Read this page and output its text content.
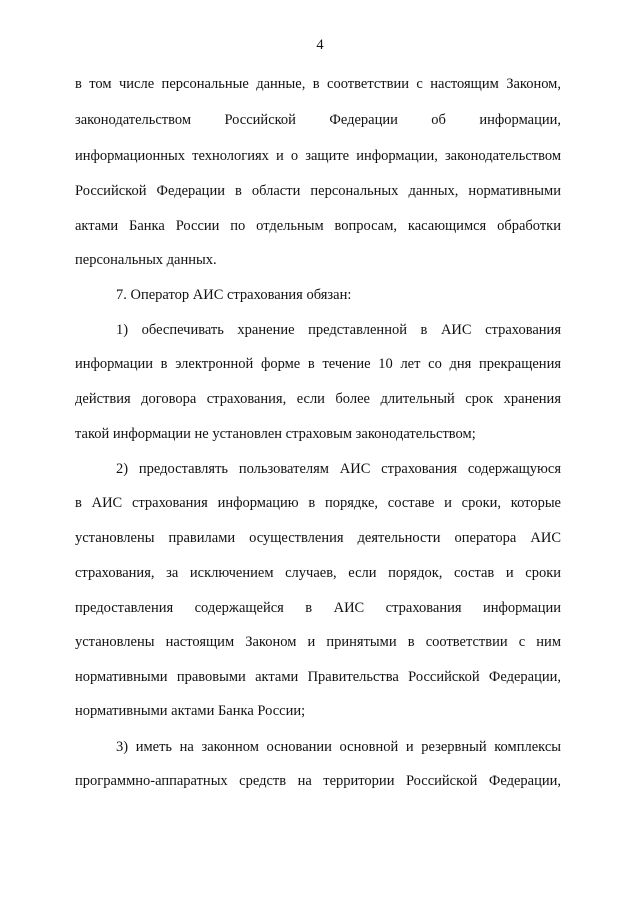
4
в том числе персональные данные, в соответствии с настоящим Законом,
законодательством Российской Федерации об информации,
информационных технологиях и о защите информации, законодательством
Российской Федерации в области персональных данных, нормативными
актами Банка России по отдельным вопросам, касающимся обработки
персональных данных.
7. Оператор АИС страхования обязан:
1) обеспечивать хранение представленной в АИС страхования
информации в электронной форме в течение 10 лет со дня прекращения
действия договора страхования, если более длительный срок хранения
такой информации не установлен страховым законодательством;
2) предоставлять пользователям АИС страхования содержащуюся
в АИС страхования информацию в порядке, составе и сроки, которые
установлены правилами осуществления деятельности оператора АИС
страхования, за исключением случаев, если порядок, состав и сроки
предоставления содержащейся в АИС страхования информации
установлены настоящим Законом и принятыми в соответствии с ним
нормативными правовыми актами Правительства Российской Федерации,
нормативными актами Банка России;
3) иметь на законном основании основной и резервный комплексы
программно-аппаратных средств на территории Российской Федерации,
